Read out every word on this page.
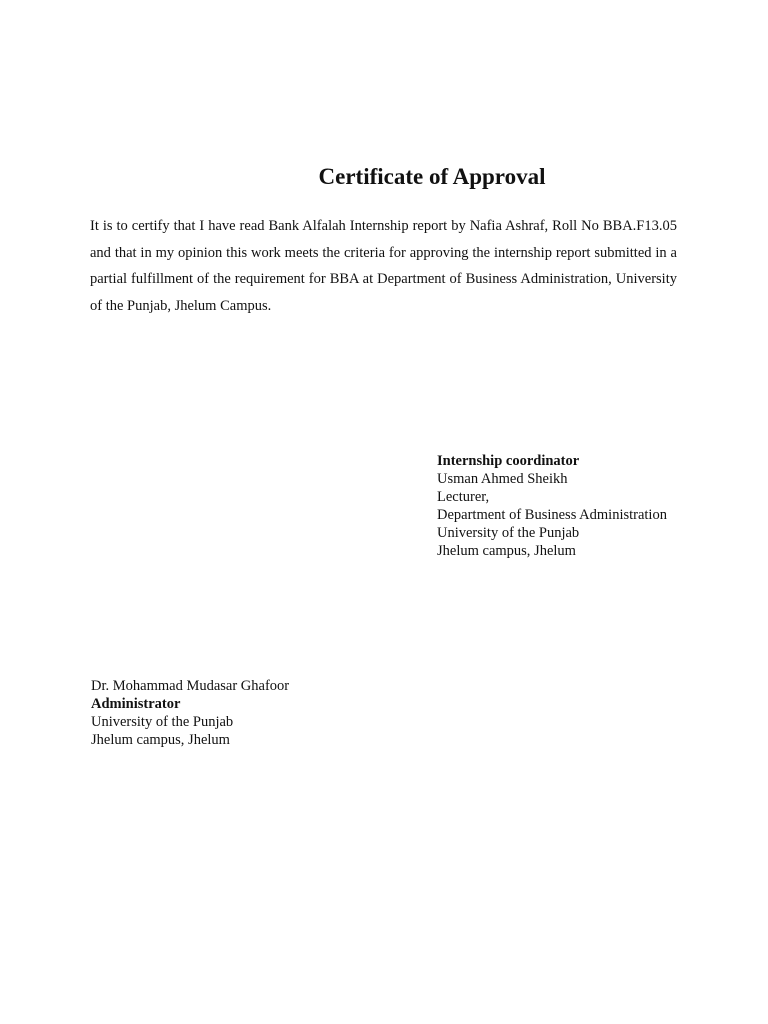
Certificate of Approval

It is to certify that I have read Bank Alfalah Internship report by Nafia Ashraf, Roll No BBA.F13.05 and that in my opinion this work meets the criteria for approving the internship report submitted in a partial fulfillment of the requirement for BBA at Department of Business Administration, University of the Punjab, Jhelum Campus.

Internship coordinator
Usman Ahmed Sheikh
Lecturer,
Department of Business Administration
University of the Punjab
Jhelum campus, Jhelum
Dr. Mohammad Mudasar Ghafoor
Administrator
University of the Punjab
Jhelum campus, Jhelum
